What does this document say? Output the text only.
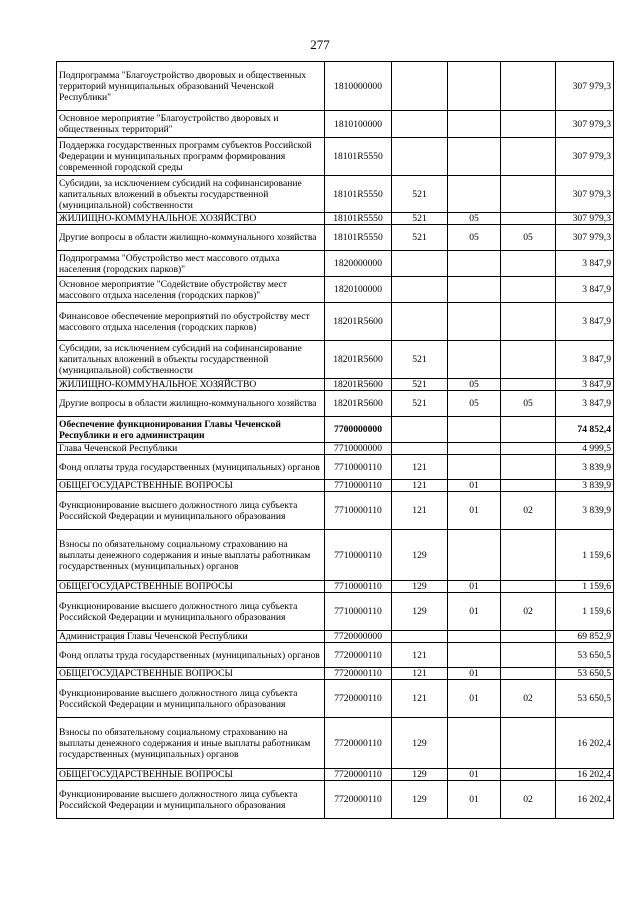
277
Подпрограмма "Благоустройство дворовых и общественных территорий муниципальных образований Чеченской Республики"	1810000000				307 979,3
Основное мероприятие "Благоустройство дворовых и общественных территорий"	1810100000				307 979,3
Поддержка государственных программ субъектов Российской Федерации и муниципальных программ формирования современной городской среды	18101R5550				307 979,3
Субсидии, за исключением субсидий на софинансирование капитальных вложений в объекты государственной (муниципальной) собственности	18101R5550	521			307 979,3
ЖИЛИЩНО-КОММУНАЛЬНОЕ ХОЗЯЙСТВО	18101R5550	521	05		307 979,3
Другие вопросы в области жилищно-коммунального хозяйства	18101R5550	521	05	05	307 979,3
Подпрограмма "Обустройство мест массового отдыха населения (городских парков)"	1820000000				3 847,9
Основное мероприятие "Содействие обустройству мест массового отдыха населения (городских парков)"	1820100000				3 847,9
Финансовое обеспечение мероприятий по обустройству мест массового отдыха населения (городских парков)	18201R5600				3 847,9
Субсидии, за исключением субсидий на софинансирование капитальных вложений в объекты государственной (муниципальной) собственности	18201R5600	521			3 847,9
ЖИЛИЩНО-КОММУНАЛЬНОЕ ХОЗЯЙСТВО	18201R5600	521	05		3 847,9
Другие вопросы в области жилищно-коммунального хозяйства	18201R5600	521	05	05	3 847,9
Обеспечение функционирования Главы Чеченской Республики и его администрации	7700000000				74 852,4
Глава Чеченской Республики	7710000000				4 999,5
Фонд оплаты труда государственных (муниципальных) органов	7710000110	121			3 839,9
ОБЩЕГОСУДАРСТВЕННЫЕ ВОПРОСЫ	7710000110	121	01		3 839,9
Функционирование высшего должностного лица субъекта Российской Федерации и муниципального образования	7710000110	121	01	02	3 839,9
Взносы по обязательному социальному страхованию на выплаты денежного содержания и иные выплаты работникам государственных (муниципальных) органов	7710000110	129			1 159,6
ОБЩЕГОСУДАРСТВЕННЫЕ ВОПРОСЫ	7710000110	129	01		1 159,6
Функционирование высшего должностного лица субъекта Российской Федерации и муниципального образования	7710000110	129	01	02	1 159,6
Администрация Главы Чеченской Республики	7720000000				69 852,9
Фонд оплаты труда государственных (муниципальных) органов	7720000110	121			53 650,5
ОБЩЕГОСУДАРСТВЕННЫЕ ВОПРОСЫ	7720000110	121	01		53 650,5
Функционирование высшего должностного лица субъекта Российской Федерации и муниципального образования	7720000110	121	01	02	53 650,5
Взносы по обязательному социальному страхованию на выплаты денежного содержания и иные выплаты работникам государственных (муниципальных) органов	7720000110	129			16 202,4
ОБЩЕГОСУДАРСТВЕННЫЕ ВОПРОСЫ	7720000110	129	01		16 202,4
Функционирование высшего должностного лица субъекта Российской Федерации и муниципального образования	7720000110	129	01	02	16 202,4
